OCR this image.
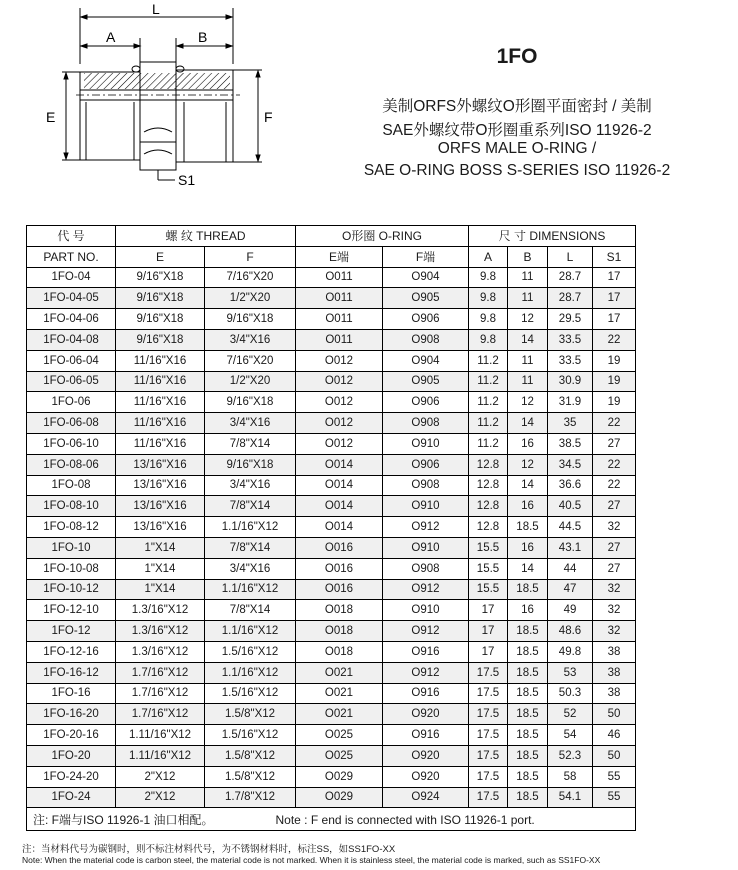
L
A	B
E	F
S1
1FO
美制ORFS外螺纹O形圈平面密封 / 美制
SAE外螺纹带O形圈重系列ISO 11926-2
ORFS MALE O-RING /
SAE O-RING BOSS S-SERIES ISO 11926-2
代 号	螺 纹 THREAD		O形圈 O-RING		尺 寸 DIMENSIONS			
PART NO.	E	F	E端	F端	A	B	L	S1
1FO-04	9/16"X18	7/16"X20	O011	O904	9.8	11	28.7	17
1FO-04-05	9/16"X18	1/2"X20	O011	O905	9.8	11	28.7	17
1FO-04-06	9/16"X18	9/16"X18	O011	O906	9.8	12	29.5	17
1FO-04-08	9/16"X18	3/4"X16	O011	O908	9.8	14	33.5	22
1FO-06-04	11/16"X16	7/16"X20	O012	O904	11.2	11	33.5	19
1FO-06-05	11/16"X16	1/2"X20	O012	O905	11.2	11	30.9	19
1FO-06	11/16"X16	9/16"X18	O012	O906	11.2	12	31.9	19
1FO-06-08	11/16"X16	3/4"X16	O012	O908	11.2	14	35	22
1FO-06-10	11/16"X16	7/8"X14	O012	O910	11.2	16	38.5	27
1FO-08-06	13/16"X16	9/16"X18	O014	O906	12.8	12	34.5	22
1FO-08	13/16"X16	3/4"X16	O014	O908	12.8	14	36.6	22
1FO-08-10	13/16"X16	7/8"X14	O014	O910	12.8	16	40.5	27
1FO-08-12	13/16"X16	1.1/16"X12	O014	O912	12.8	18.5	44.5	32
1FO-10	1"X14	7/8"X14	O016	O910	15.5	16	43.1	27
1FO-10-08	1"X14	3/4"X16	O016	O908	15.5	14	44	27
1FO-10-12	1"X14	1.1/16"X12	O016	O912	15.5	18.5	47	32
1FO-12-10	1.3/16"X12	7/8"X14	O018	O910	17	16	49	32
1FO-12	1.3/16"X12	1.1/16"X12	O018	O912	17	18.5	48.6	32
1FO-12-16	1.3/16"X12	1.5/16"X12	O018	O916	17	18.5	49.8	38
1FO-16-12	1.7/16"X12	1.1/16"X12	O021	O912	17.5	18.5	53	38
1FO-16	1.7/16"X12	1.5/16"X12	O021	O916	17.5	18.5	50.3	38
1FO-16-20	1.7/16"X12	1.5/8"X12	O021	O920	17.5	18.5	52	50
1FO-20-16	1.11/16"X12	1.5/16"X12	O025	O916	17.5	18.5	54	46
1FO-20	1.11/16"X12	1.5/8"X12	O025	O920	17.5	18.5	52.3	50
1FO-24-20	2"X12	1.5/8"X12	O029	O920	17.5	18.5	58	55
1FO-24	2"X12	1.7/8"X12	O029	O924	17.5	18.5	54.1	55
注: F端与ISO 11926-1 油口相配。 Note : F end is connected with ISO 11926-1 port.								
注：当材料代号为碳钢时，则不标注材料代号，为不锈钢材料时，标注SS，如SS1FO-XX
Note: When the material code is carbon steel, the material code is not marked. When it is stainless steel, the material code is marked, such as SS1FO-XX
